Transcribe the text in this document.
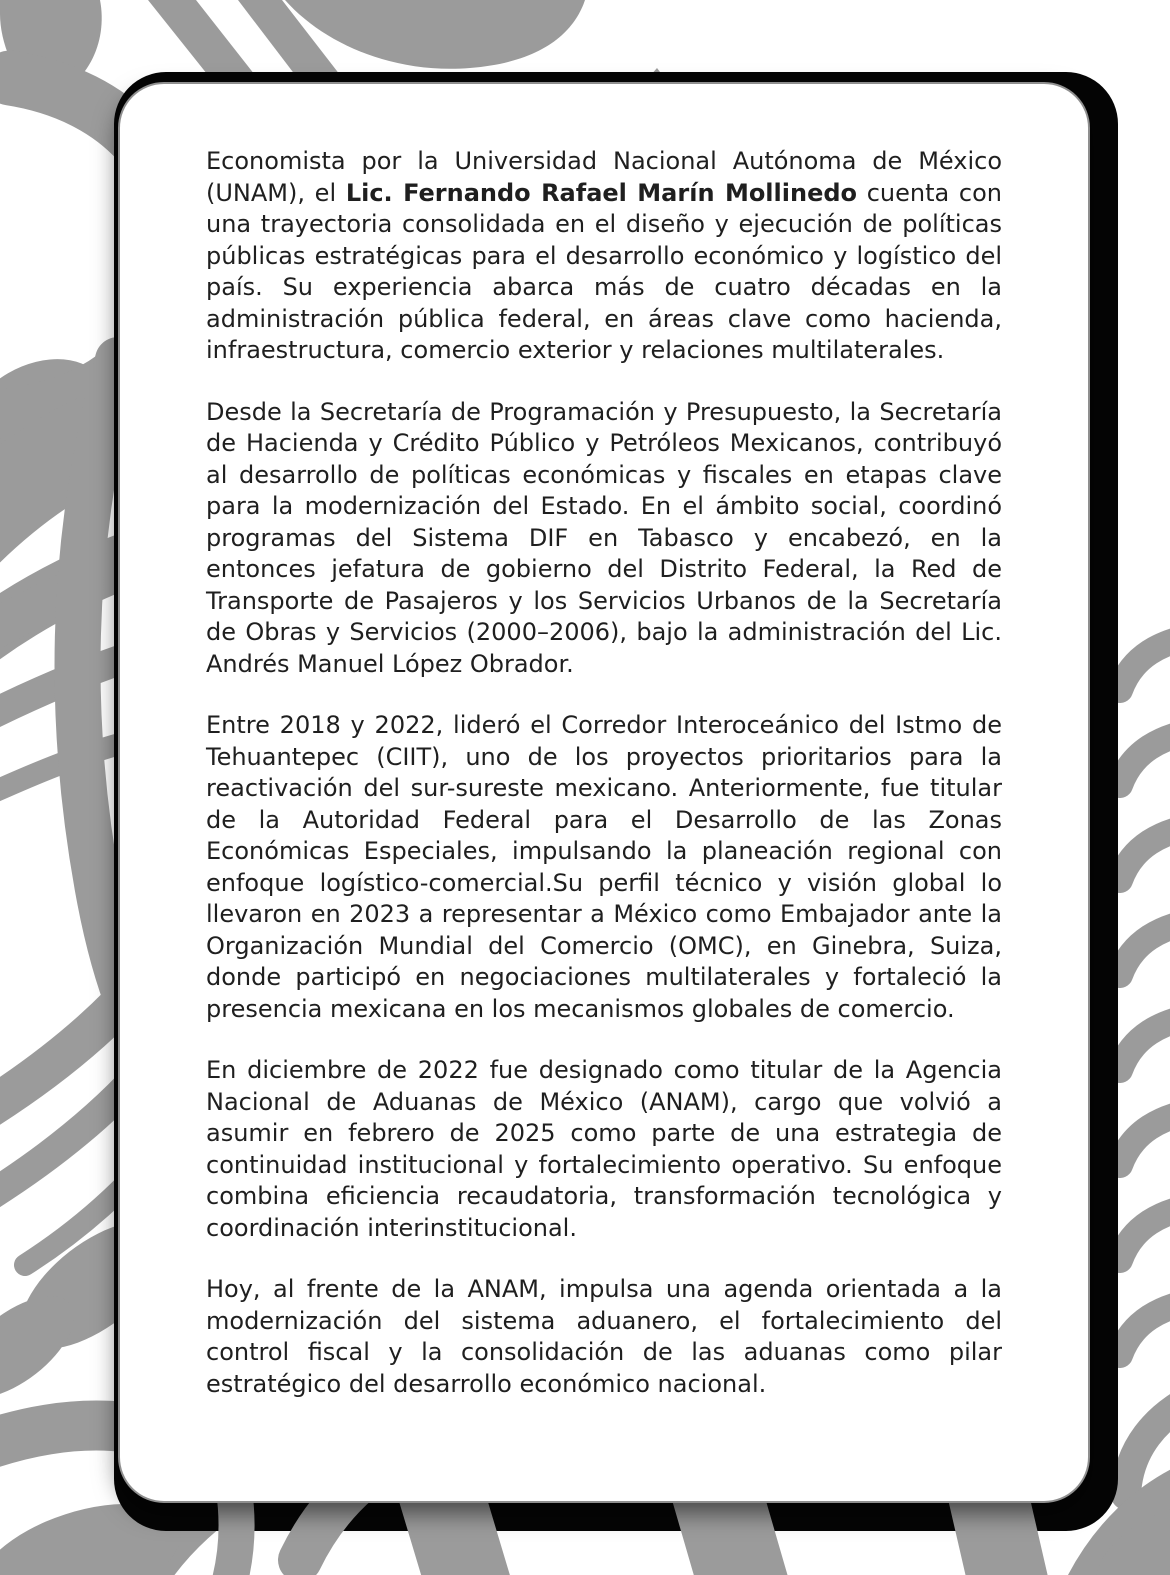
Economista por la Universidad Nacional Autónoma de México (UNAM), el Lic. Fernando Rafael Marín Mollinedo cuenta con una trayectoria consolidada en el diseño y ejecución de políticas públicas estratégicas para el desarrollo económico y logístico del país. Su experiencia abarca más de cuatro décadas en la administración pública federal, en áreas clave como hacienda, infraestructura, comercio exterior y relaciones multilaterales.

Desde la Secretaría de Programación y Presupuesto, la Secretaría de Hacienda y Crédito Público y Petróleos Mexicanos, contribuyó al desarrollo de políticas económicas y fiscales en etapas clave para la modernización del Estado. En el ámbito social, coordinó programas del Sistema DIF en Tabasco y encabezó, en la entonces jefatura de gobierno del Distrito Federal, la Red de Transporte de Pasajeros y los Servicios Urbanos de la Secretaría de Obras y Servicios (2000–2006), bajo la administración del Lic. Andrés Manuel López Obrador.

Entre 2018 y 2022, lideró el Corredor Interoceánico del Istmo de Tehuantepec (CIIT), uno de los proyectos prioritarios para la reactivación del sur-sureste mexicano. Anteriormente, fue titular de la Autoridad Federal para el Desarrollo de las Zonas Económicas Especiales, impulsando la planeación regional con enfoque logístico-comercial.Su perfil técnico y visión global lo llevaron en 2023 a representar a México como Embajador ante la Organización Mundial del Comercio (OMC), en Ginebra, Suiza, donde participó en negociaciones multilaterales y fortaleció la presencia mexicana en los mecanismos globales de comercio.

En diciembre de 2022 fue designado como titular de la Agencia Nacional de Aduanas de México (ANAM), cargo que volvió a asumir en febrero de 2025 como parte de una estrategia de continuidad institucional y fortalecimiento operativo. Su enfoque combina eficiencia recaudatoria, transformación tecnológica y coordinación interinstitucional.

Hoy, al frente de la ANAM, impulsa una agenda orientada a la modernización del sistema aduanero, el fortalecimiento del control fiscal y la consolidación de las aduanas como pilar estratégico del desarrollo económico nacional.
